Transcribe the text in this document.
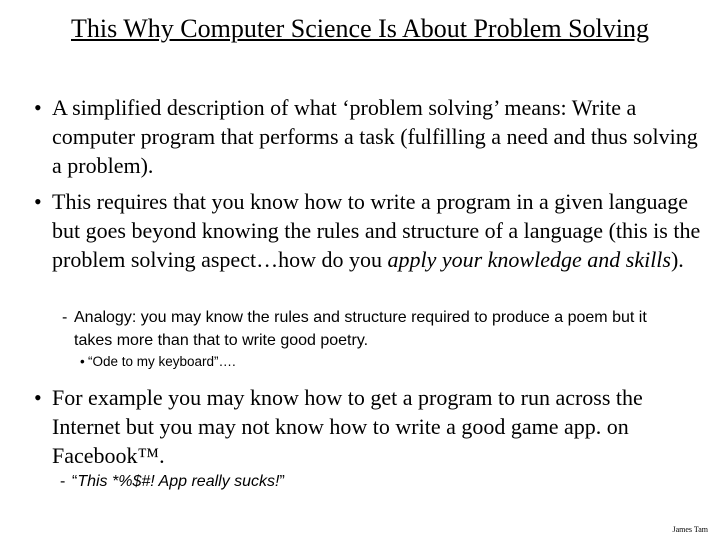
This Why Computer Science Is About Problem Solving
• A simplified description of what ‘problem solving’ means: Write a computer program that performs a task (fulfilling a need and thus solving a problem).
• This requires that you know how to write a program in a given language but goes beyond knowing the rules and structure of a language (this is the problem solving aspect…how do you apply your knowledge and skills).
- Analogy: you may know the rules and structure required to produce a poem but it takes more than that to write good poetry.
• “Ode to my keyboard”….
• For example you may know how to get a program to run across the Internet but you may not know how to write a good game app. on Facebook™.
- “This *%$#! App really sucks!”
James Tam
